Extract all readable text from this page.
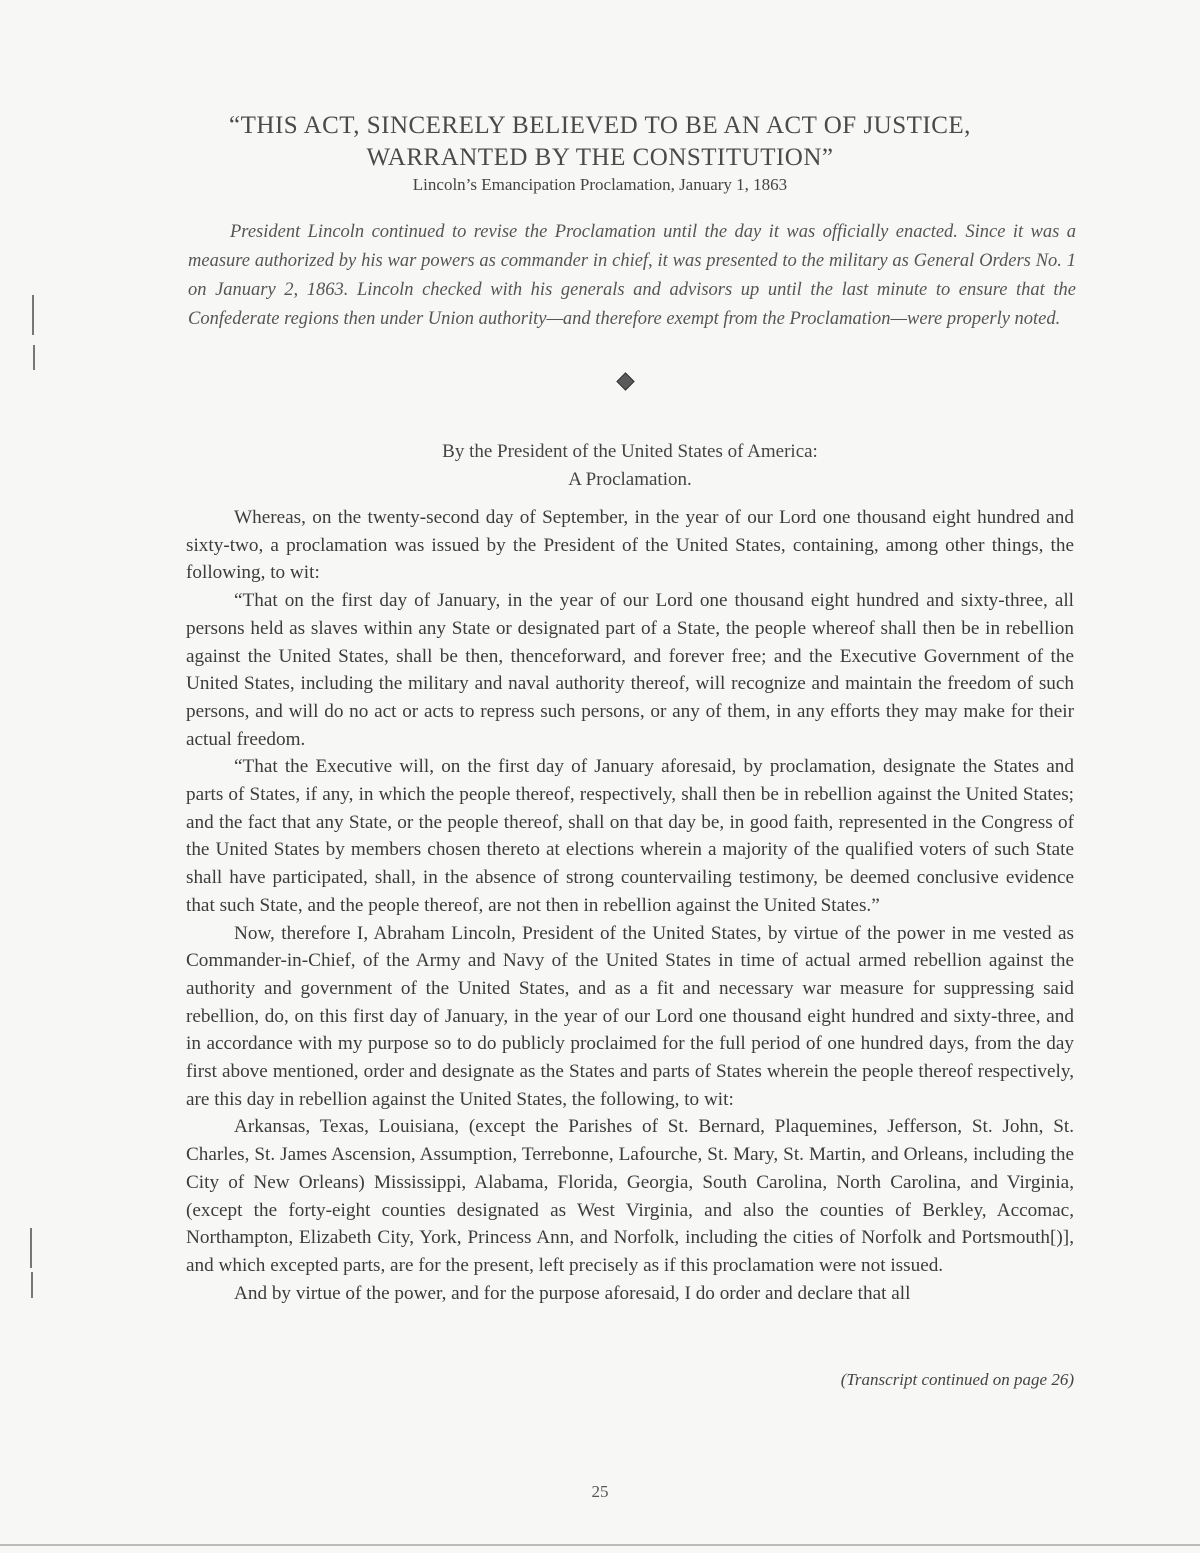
“THIS ACT, SINCERELY BELIEVED TO BE AN ACT OF JUSTICE,
WARRANTED BY THE CONSTITUTION”
Lincoln’s Emancipation Proclamation, January 1, 1863

President Lincoln continued to revise the Proclamation until the day it was officially enacted. Since it was a measure authorized by his war powers as commander in chief, it was presented to the military as General Orders No. 1 on January 2, 1863. Lincoln checked with his generals and advisors up until the last minute to ensure that the Confederate regions then under Union authority—and therefore exempt from the Proclamation—were properly noted.

By the President of the United States of America:
A Proclamation.

Whereas, on the twenty-second day of September, in the year of our Lord one thousand eight hundred and sixty-two, a proclamation was issued by the President of the United States, containing, among other things, the following, to wit:

“That on the first day of January, in the year of our Lord one thousand eight hundred and sixty-three, all persons held as slaves within any State or designated part of a State, the people whereof shall then be in rebellion against the United States, shall be then, thenceforward, and forever free; and the Executive Government of the United States, including the military and naval authority thereof, will recognize and maintain the freedom of such persons, and will do no act or acts to repress such persons, or any of them, in any efforts they may make for their actual freedom.

“That the Executive will, on the first day of January aforesaid, by proclamation, designate the States and parts of States, if any, in which the people thereof, respectively, shall then be in rebellion against the United States; and the fact that any State, or the people thereof, shall on that day be, in good faith, represented in the Congress of the United States by members chosen thereto at elections wherein a majority of the qualified voters of such State shall have participated, shall, in the absence of strong countervailing testimony, be deemed conclusive evidence that such State, and the people thereof, are not then in rebellion against the United States.”

Now, therefore I, Abraham Lincoln, President of the United States, by virtue of the power in me vested as Commander-in-Chief, of the Army and Navy of the United States in time of actual armed rebellion against the authority and government of the United States, and as a fit and necessary war measure for suppressing said rebellion, do, on this first day of January, in the year of our Lord one thousand eight hundred and sixty-three, and in accordance with my purpose so to do publicly proclaimed for the full period of one hundred days, from the day first above mentioned, order and designate as the States and parts of States wherein the people thereof respectively, are this day in rebellion against the United States, the following, to wit:

Arkansas, Texas, Louisiana, (except the Parishes of St. Bernard, Plaquemines, Jefferson, St. John, St. Charles, St. James Ascension, Assumption, Terrebonne, Lafourche, St. Mary, St. Martin, and Orleans, including the City of New Orleans) Mississippi, Alabama, Florida, Georgia, South Carolina, North Carolina, and Virginia, (except the forty-eight counties designated as West Virginia, and also the counties of Berkley, Accomac, Northampton, Elizabeth City, York, Princess Ann, and Norfolk, including the cities of Norfolk and Portsmouth[)], and which excepted parts, are for the present, left precisely as if this proclamation were not issued.

And by virtue of the power, and for the purpose aforesaid, I do order and declare that all

(Transcript continued on page 26)
25
